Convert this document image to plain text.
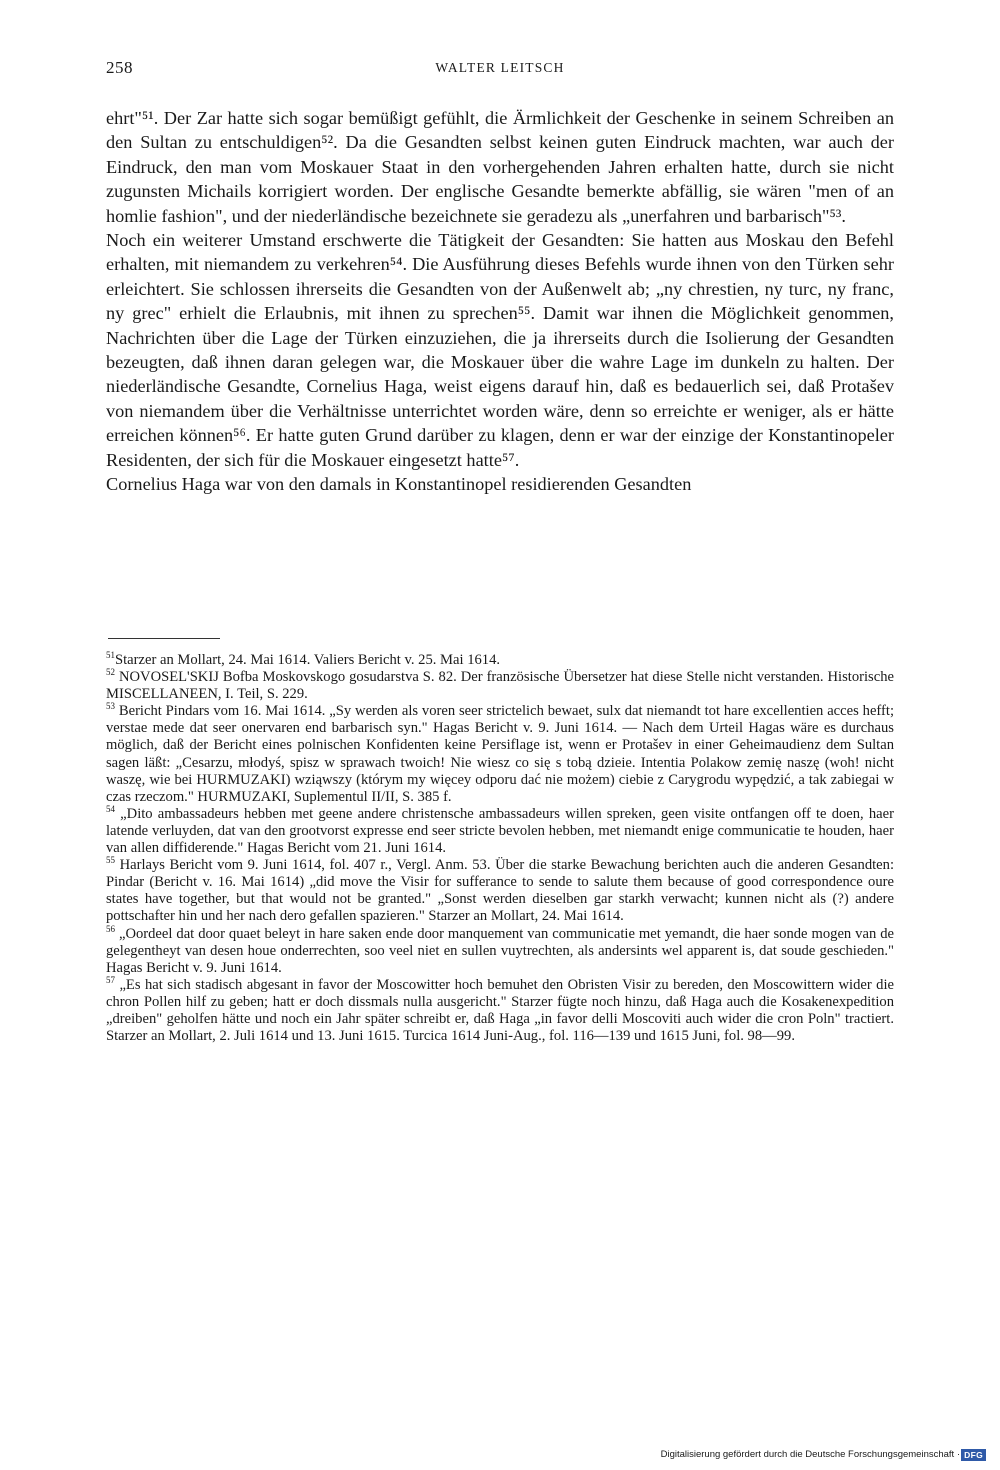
258	WALTER LEITSCH

ehrt"⁵¹. Der Zar hatte sich sogar bemüßigt gefühlt, die Ärmlichkeit der Geschenke in seinem Schreiben an den Sultan zu entschuldigen⁵². Da die Gesandten selbst keinen guten Eindruck machten, war auch der Eindruck, den man vom Moskauer Staat in den vorhergehenden Jahren erhalten hatte, durch sie nicht zugunsten Michails korrigiert worden. Der englische Gesandte bemerkte abfällig, sie wären "men of an homlie fashion", und der niederländische bezeichnete sie geradezu als „unerfahren und barbarisch"⁵³.

Noch ein weiterer Umstand erschwerte die Tätigkeit der Gesandten: Sie hatten aus Moskau den Befehl erhalten, mit niemandem zu verkehren⁵⁴. Die Ausführung dieses Befehls wurde ihnen von den Türken sehr erleichtert. Sie schlossen ihrerseits die Gesandten von der Außenwelt ab; „ny chrestien, ny turc, ny franc, ny grec" erhielt die Erlaubnis, mit ihnen zu sprechen⁵⁵. Damit war ihnen die Möglichkeit genommen, Nachrichten über die Lage der Türken einzuziehen, die ja ihrerseits durch die Isolierung der Gesandten bezeugten, daß ihnen daran gelegen war, die Moskauer über die wahre Lage im dunkeln zu halten. Der niederländische Gesandte, Cornelius Haga, weist eigens darauf hin, daß es bedauerlich sei, daß Protašev von niemandem über die Verhältnisse unterrichtet worden wäre, denn so erreichte er weniger, als er hätte erreichen können⁵⁶. Er hatte guten Grund darüber zu klagen, denn er war der einzige der Konstantinopeler Residenten, der sich für die Moskauer eingesetzt hatte⁵⁷.

Cornelius Haga war von den damals in Konstantinopel residierenden Gesandten

$^{51}$Starzer an Mollart, 24. Mai 1614. Valiers Bericht v. 25. Mai 1614.

$^{52}$ NOVOSEL'SKIJ Bofba Moskovskogo gosudarstva S. 82. Der französische Übersetzer hat diese Stelle nicht verstanden. Historische MISCELLANEEN, I. Teil, S. 229.

$^{53}$ Bericht Pindars vom 16. Mai 1614. „Sy werden als voren seer strictelich bewaet, sulx dat niemandt tot hare excellentien acces hefft; verstae mede dat seer onervaren end barbarisch syn." Hagas Bericht v. 9. Juni 1614. — Nach dem Urteil Hagas wäre es durchaus möglich, daß der Bericht eines polnischen Konfidenten keine Persiflage ist, wenn er Protašev in einer Geheimaudienz dem Sultan sagen läßt: „Cesarzu, młodyś, spisz w sprawach twoich! Nie wiesz co się s tobą dzieie. Intentia Polakow zemię naszę (woh! nicht waszę, wie bei HURMUZAKI) wziąwszy (którym my więcey odporu dać nie możem) ciebie z Carygrodu wypędzić, a tak zabiegai w czas rzeczom." HURMUZAKI, Suplementul II/II, S. 385 f.

$^{54}$ „Dito ambassadeurs hebben met geene andere christensche ambassadeurs willen spreken, geen visite ontfangen off te doen, haer latende verluyden, dat van den grootvorst expresse end seer stricte bevolen hebben, met niemandt enige communicatie te houden, haer van allen diffiderende." Hagas Bericht vom 21. Juni 1614.

$^{55}$ Harlays Bericht vom 9. Juni 1614, fol. 407 r., Vergl. Anm. 53. Über die starke Bewachung berichten auch die anderen Gesandten: Pindar (Bericht v. 16. Mai 1614) „did move the Visir for sufferance to sende to salute them because of good correspondence oure states have together, but that would not be granted." „Sonst werden dieselben gar starkh verwacht; kunnen nicht als (?) andere pottschafter hin und her nach dero gefallen spazieren." Starzer an Mollart, 24. Mai 1614.

$^{56}$ „Oordeel dat door quaet beleyt in hare saken ende door manquement van communicatie met yemandt, die haer sonde mogen van de gelegentheyt van desen houe onderrechten, soo veel niet en sullen vuytrechten, als andersints wel apparent is, dat soude geschieden." Hagas Bericht v. 9. Juni 1614.

$^{57}$ „Es hat sich stadisch abgesant in favor der Moscowitter hoch bemuhet den Obristen Visir zu bereden, den Moscowittern wider die chron Pollen hilf zu geben; hatt er doch dissmals nulla ausgericht." Starzer fügte noch hinzu, daß Haga auch die Kosakenexpedition „dreiben" geholfen hätte und noch ein Jahr später schreibt er, daß Haga „in favor delli Moscoviti auch wider die cron Poln" tractiert. Starzer an Mollart, 2. Juli 1614 und 13. Juni 1615. Turcica 1614 Juni-Aug., fol. 116—139 und 1615 Juni, fol. 98—99.

Digitalisierung gefördert durch die Deutsche Forschungsgemeinschaft · DFG
